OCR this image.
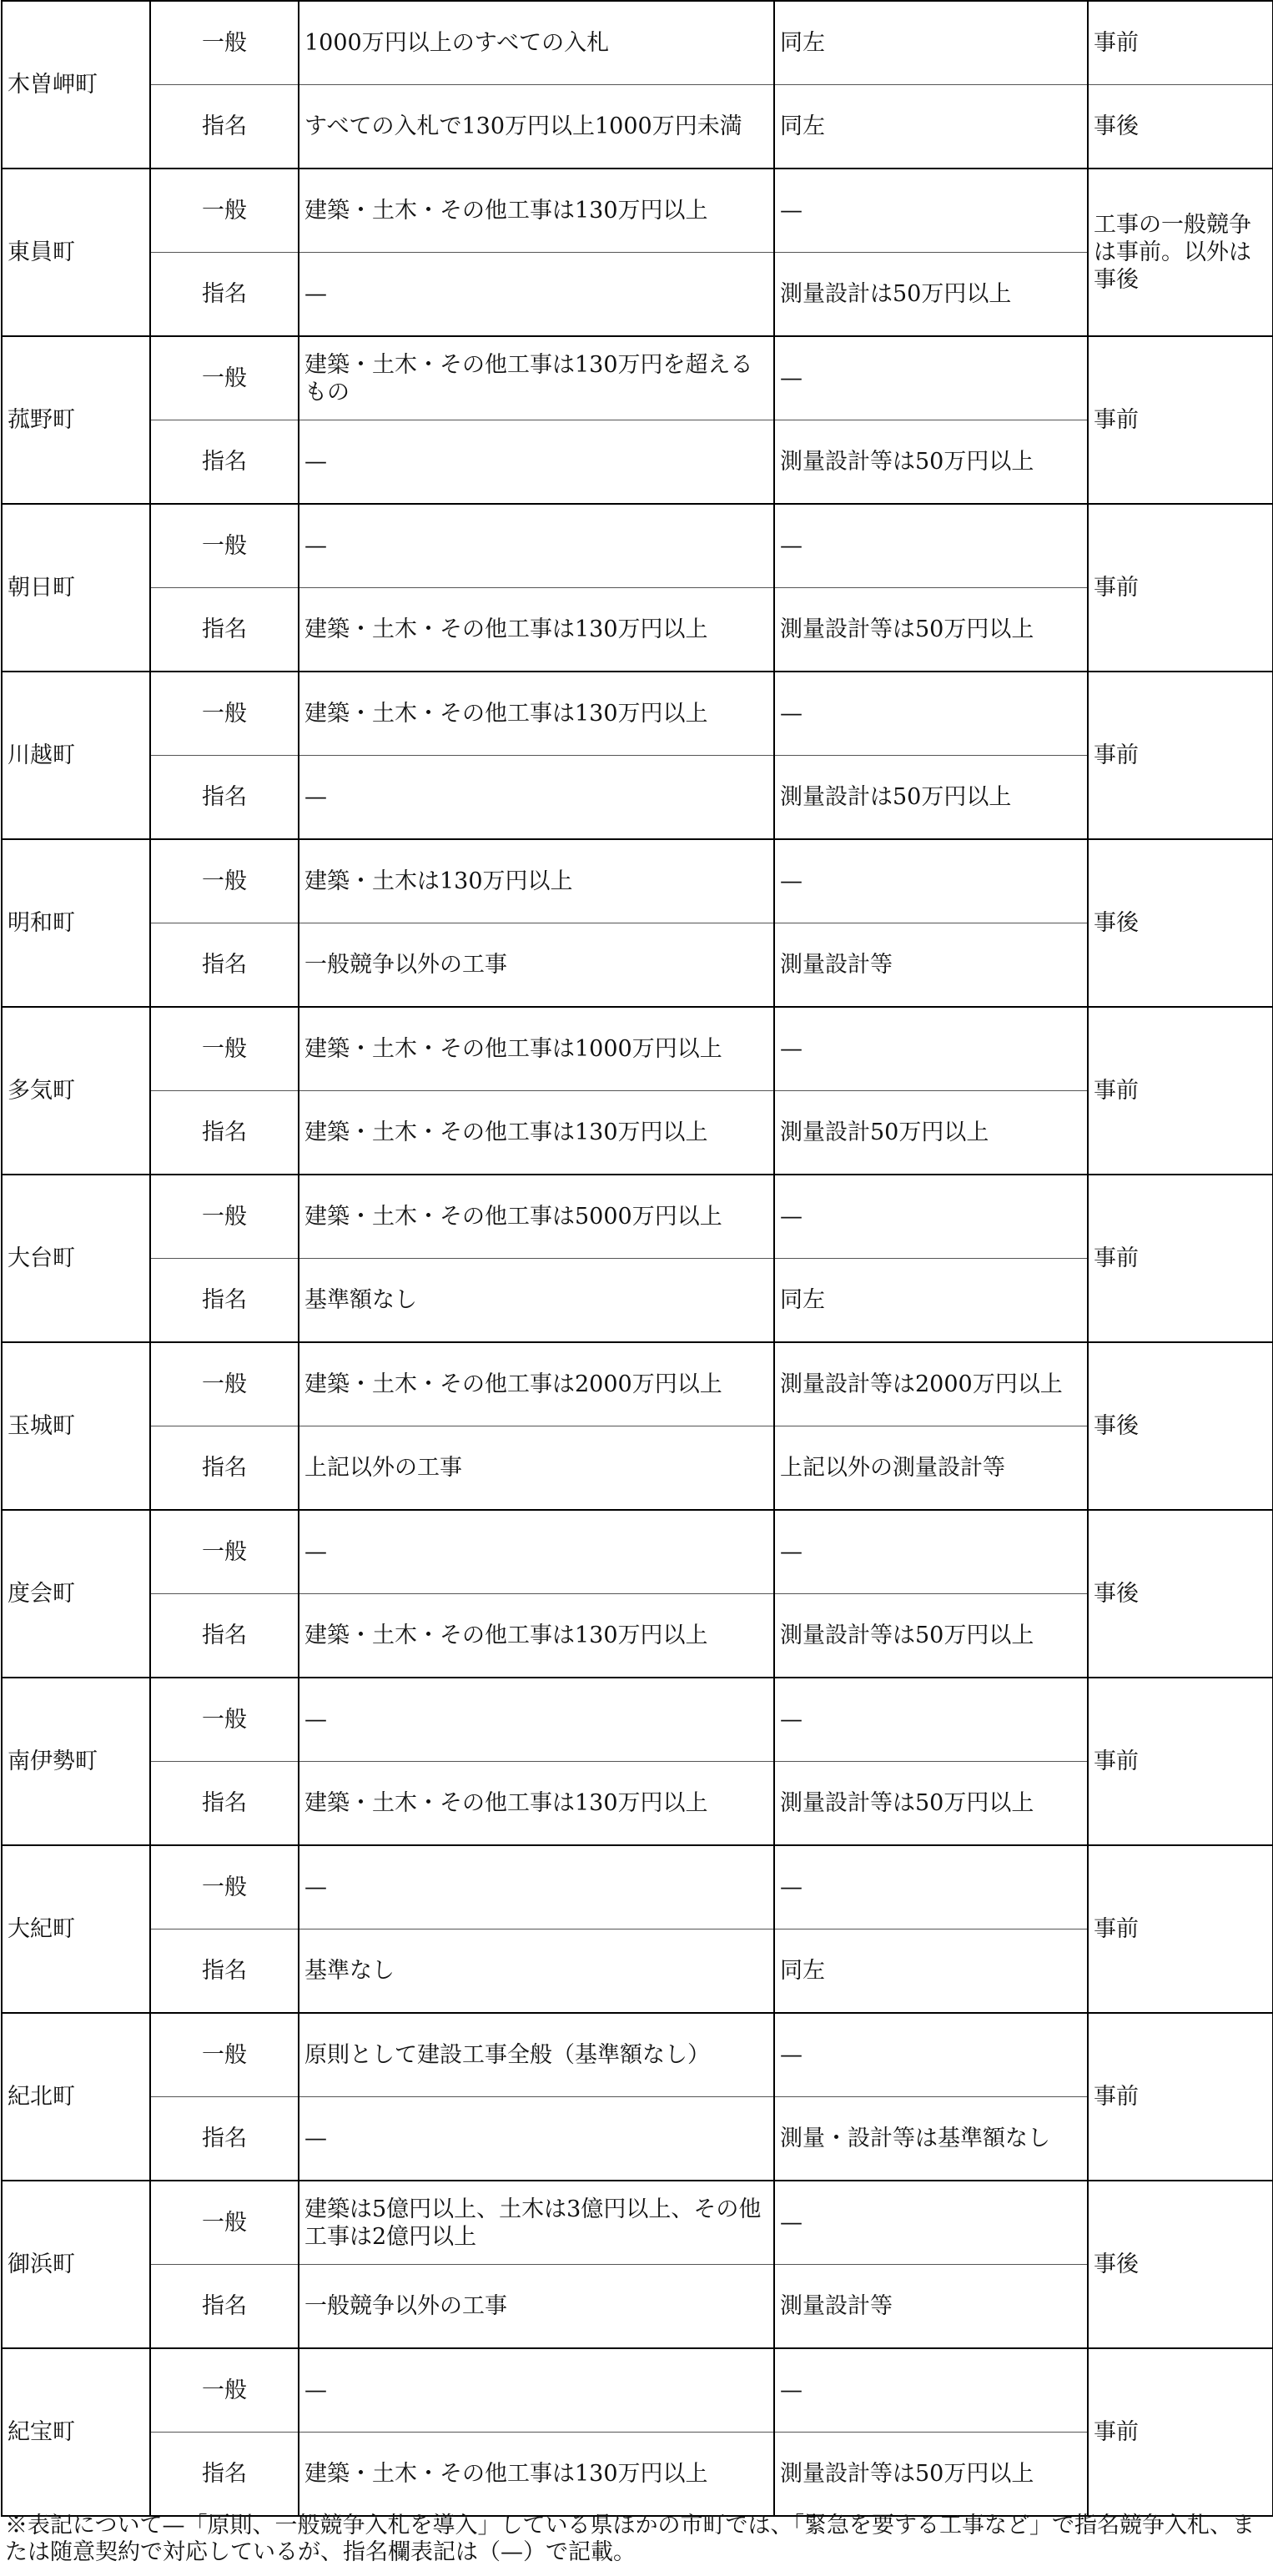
木曽岬町	一般	1000万円以上のすべての入札	同左	事前
	指名	すべての入札で130万円以上1000万円未満	同左	事後
東員町	一般	建築・土木・その他工事は130万円以上	—	工事の一般競争は事前。以外は事後
	指名	—	測量設計は50万円以上	
菰野町	一般	建築・土木・その他工事は130万円を超えるもの	—	事前
	指名	—	測量設計等は50万円以上	
朝日町	一般	—	—	事前
	指名	建築・土木・その他工事は130万円以上	測量設計等は50万円以上	
川越町	一般	建築・土木・その他工事は130万円以上	—	事前
	指名	—	測量設計は50万円以上	
明和町	一般	建築・土木は130万円以上	—	事後
	指名	一般競争以外の工事	測量設計等	
多気町	一般	建築・土木・その他工事は1000万円以上	—	事前
	指名	建築・土木・その他工事は130万円以上	測量設計50万円以上	
大台町	一般	建築・土木・その他工事は5000万円以上	—	事前
	指名	基準額なし	同左	
玉城町	一般	建築・土木・その他工事は2000万円以上	測量設計等は2000万円以上	事後
	指名	上記以外の工事	上記以外の測量設計等	
度会町	一般	—	—	事後
	指名	建築・土木・その他工事は130万円以上	測量設計等は50万円以上	
南伊勢町	一般	—	—	事前
	指名	建築・土木・その他工事は130万円以上	測量設計等は50万円以上	
大紀町	一般	—	—	事前
	指名	基準なし	同左	
紀北町	一般	原則として建設工事全般（基準額なし）	—	事前
	指名	—	測量・設計等は基準額なし	
御浜町	一般	建築は5億円以上、土木は3億円以上、その他工事は2億円以上	—	事後
	指名	一般競争以外の工事	測量設計等	
紀宝町	一般	—	—	事前
	指名	建築・土木・その他工事は130万円以上	測量設計等は50万円以上	
※表記について—「原則、一般競争入札を導入」している県ほかの市町では、「緊急を要する工事など」で指名競争入札、または随意契約で対応しているが、指名欄表記は（—）で記載。
